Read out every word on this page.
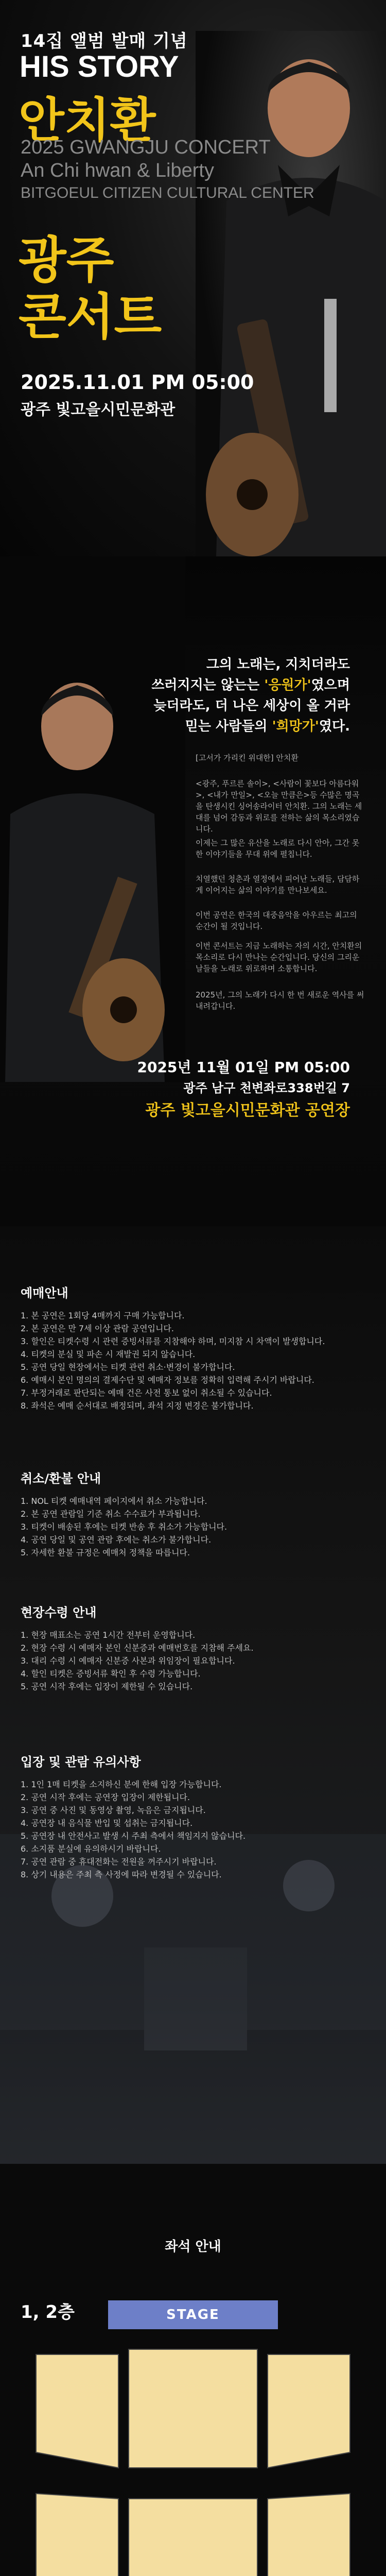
14집 앨범 발매 기념
HIS STORY
안치환
2025 GWANGJU CONCERT
An Chi hwan & Liberty
BITGOEUL CITIZEN CULTURAL CENTER
광주
콘서트
2025.11.01 PM 05:00
광주 빛고을시민문화관
그의 노래는, 지치더라도
쓰러지지는 않는는 '응원가'였으며
늦더라도, 더 나은 세상이 올 거라
믿는 사람들의 '희망가'였다.
[고서가 가리킨 위대한] 안치환
<광주, 푸르른 솔이>, <사람이 꽃보다 아름다워>, <내가 만일>, <오늘 만큼은>등 수많은 명곡을 탄생시킨 싱어송라이터 안치환. 그의 노래는 세대를 넘어 감동과 위로를 전하는 삶의 목소리였습니다.
이제는 그 많은 유산을 노래로 다시 안아, 그간 못한 이야기들을 무대 위에 펼칩니다.
치열했던 청춘과 열정에서 피어난 노래들, 담담하게 이어지는 삶의 이야기를 만나보세요.
이번 공연은 한국의 대중음악을 아우르는 최고의 순간이 될 것입니다.
이번 콘서트는 지금 노래하는 자의 시간, 안치환의 목소리로 다시 만나는 순간입니다. 당신의 그리운 날들을 노래로 위로하며 소통합니다.
2025년, 그의 노래가 다시 한 번 새로운 역사를 써내려갑니다.
2025년 11월 01일 PM 05:00
광주 남구 천변좌로338번길 7
광주 빛고을시민문화관 공연장
예매안내
1. 본 공연은 1회당 4매까지 구매 가능합니다.
2. 본 공연은 만 7세 이상 관람 공연입니다.
3. 할인은 티켓수령 시 관련 증빙서류를 지참해야 하며, 미지참 시 차액이 발생합니다.
4. 티켓의 분실 및 파손 시 재발권 되지 않습니다.
5. 공연 당일 현장에서는 티켓 관련 취소·변경이 불가합니다.
6. 예매시 본인 명의의 결제수단 및 예매자 정보를 정확히 입력해 주시기 바랍니다.
7. 부정거래로 판단되는 예매 건은 사전 통보 없이 취소될 수 있습니다.
8. 좌석은 예매 순서대로 배정되며, 좌석 지정 변경은 불가합니다.
취소/환불 안내
1. NOL 티켓 예매내역 페이지에서 취소 가능합니다.
2. 본 공연 관람일 기준 취소 수수료가 부과됩니다.
3. 티켓이 배송된 후에는 티켓 반송 후 취소가 가능합니다.
4. 공연 당일 및 공연 관람 후에는 취소가 불가합니다.
5. 자세한 환불 규정은 예매처 정책을 따릅니다.
현장수령 안내
1. 현장 매표소는 공연 1시간 전부터 운영합니다.
2. 현장 수령 시 예매자 본인 신분증과 예매번호를 지참해 주세요.
3. 대리 수령 시 예매자 신분증 사본과 위임장이 필요합니다.
4. 할인 티켓은 증빙서류 확인 후 수령 가능합니다.
5. 공연 시작 후에는 입장이 제한될 수 있습니다.
입장 및 관람 유의사항
1. 1인 1매 티켓을 소지하신 분에 한해 입장 가능합니다.
2. 공연 시작 후에는 공연장 입장이 제한됩니다.
3. 공연 중 사진 및 동영상 촬영, 녹음은 금지됩니다.
4. 공연장 내 음식물 반입 및 섭취는 금지됩니다.
5. 공연장 내 안전사고 발생 시 주최 측에서 책임지지 않습니다.
6. 소지품 분실에 유의하시기 바랍니다.
7. 공연 관람 중 휴대전화는 전원을 꺼주시기 바랍니다.
8. 상기 내용은 주최 측 사정에 따라 변경될 수 있습니다.
좌석 안내
1, 2층	STAGE
